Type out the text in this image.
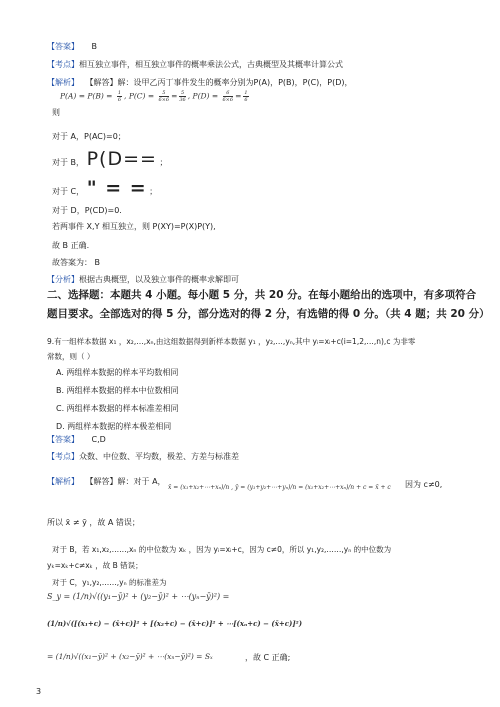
【答案】 B
【考点】相互独立事件，相互独立事件的概率乘法公式，古典概型及其概率计算公式
【解析】 【解答】解：设甲乙丙丁事件发生的概率分别为P(A)，P(B)，P(C)，P(D)，
$P(A) = P(B) = \frac{1}{6}$ , $P(C) = \frac{5}{6\times 6} = \frac{5}{36}$ , $P(D) = \frac{6}{6\times 6} = \frac{1}{6}$
则
对于 A，P(AC)=0；
对于 B， P(D== ；
对于 C， " = = ；
对于 D，P(CD)=0.
若两事件 X,Y 相互独立，则 P(XY)=P(X)P(Y),
故 B 正确.
故答案为： B
【分析】根据古典概型，以及独立事件的概率求解即可
二、选择题：本题共 4 小题。每小题 5 分，共 20 分。在每小题给出的选项中，有多项符合
题目要求。全部选对的得 5 分，部分选对的得 2 分，有选错的得 0 分。（共 4 题；共 20 分）
9.有一组样本数据 x₁ ，x₂,…,xₙ,由这组数据得到新样本数据 y₁ ，y₂,…,yₙ,其中 yᵢ=xᵢ+c(i=1,2,…,n),c 为非零
常数，则（ ）
A. 两组样本数据的样本平均数相同
B. 两组样本数据的样本中位数相同
C. 两组样本数据的样本标准差相同
D. 两组样本数据的样本极差相同
【答案】 C,D
【考点】众数、中位数、平均数，极差、方差与标准差
【解析】 【解答】解：对于 A，
x̄ = (x₁+x₂+⋯+xₙ)/n , ȳ = (y₁+y₂+⋯+yₙ)/n = (x₁+x₂+⋯+xₙ)/n + c = x̄ + c 因为 c≠0,
所以 x̄ ≠ ȳ ，故 A 错误；
对于 B，若 x₁,x₂,……,xₙ 的中位数为 xₖ ，因为 yᵢ=xᵢ+c，因为 c≠0，所以 y₁,y₂,……,yₙ 的中位数为
yₖ=xₖ+c≠xₖ ，故 B 错误；
对于 C，y₁,y₂,……,yₙ 的标准差为
S_y = (1/n)√((y₁−ȳ)² + (y₂−ȳ)² + ⋯(yₙ−ȳ)²) =
(1/n)√([(x₁+c) − (x̄+c)]² + [(x₂+c) − (x̄+c)]² + ⋯[(xₙ+c) − (x̄+c)]²)
= (1/n)√((x₁−ȳ)² + (x₂−ȳ)² + ⋯(xₙ−ȳ)²) = Sₓ	，故 C 正确;
3
